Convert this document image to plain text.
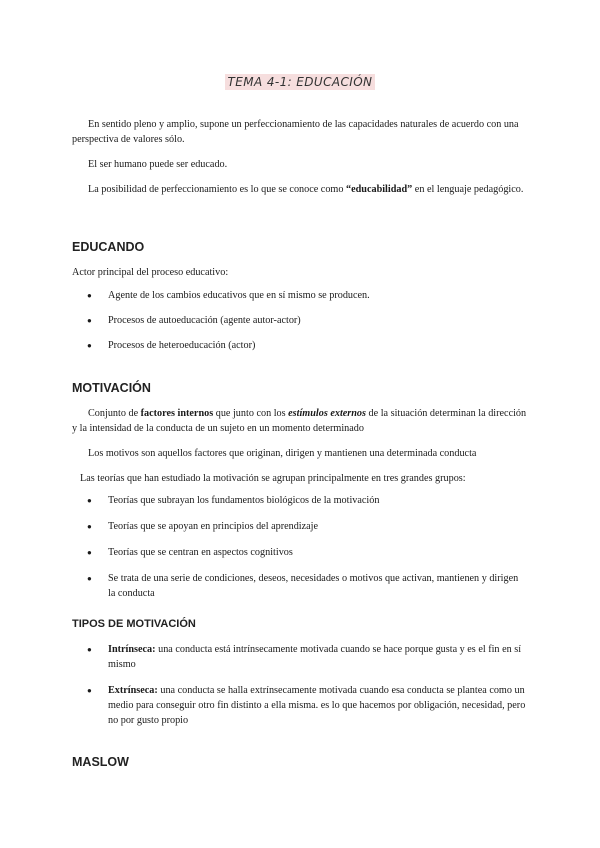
TEMA 4-1: EDUCACIÓN
En sentido pleno y amplio, supone un perfeccionamiento de las capacidades naturales de acuerdo con una perspectiva de valores sólo.
El ser humano puede ser educado.
La posibilidad de perfeccionamiento es lo que se conoce como “educabilidad” en el lenguaje pedagógico.
EDUCANDO
Actor principal del proceso educativo:
●	Agente de los cambios educativos que en sí mismo se producen.
●	Procesos de autoeducación (agente autor-actor)
●	Procesos de heteroeducación (actor)
MOTIVACIÓN
Conjunto de factores internos que junto con los estímulos externos de la situación determinan la dirección y la intensidad de la conducta de un sujeto en un momento determinado
Los motivos son aquellos factores que originan, dirigen y mantienen una determinada conducta
Las teorías que han estudiado la motivación se agrupan principalmente en tres grandes grupos:
●	Teorías que subrayan los fundamentos biológicos de la motivación
●	Teorías que se apoyan en principios del aprendizaje
●	Teorías que se centran en aspectos cognitivos
●	Se trata de una serie de condiciones, deseos, necesidades o motivos que activan, mantienen y dirigen la conducta
TIPOS DE MOTIVACIÓN
●	Intrínseca: una conducta está intrínsecamente motivada cuando se hace porque gusta y es el fin en sí mismo
●	Extrínseca: una conducta se halla extrínsecamente motivada cuando esa conducta se plantea como un medio para conseguir otro fin distinto a ella misma. es lo que hacemos por obligación, necesidad, pero no por gusto propio
MASLOW
